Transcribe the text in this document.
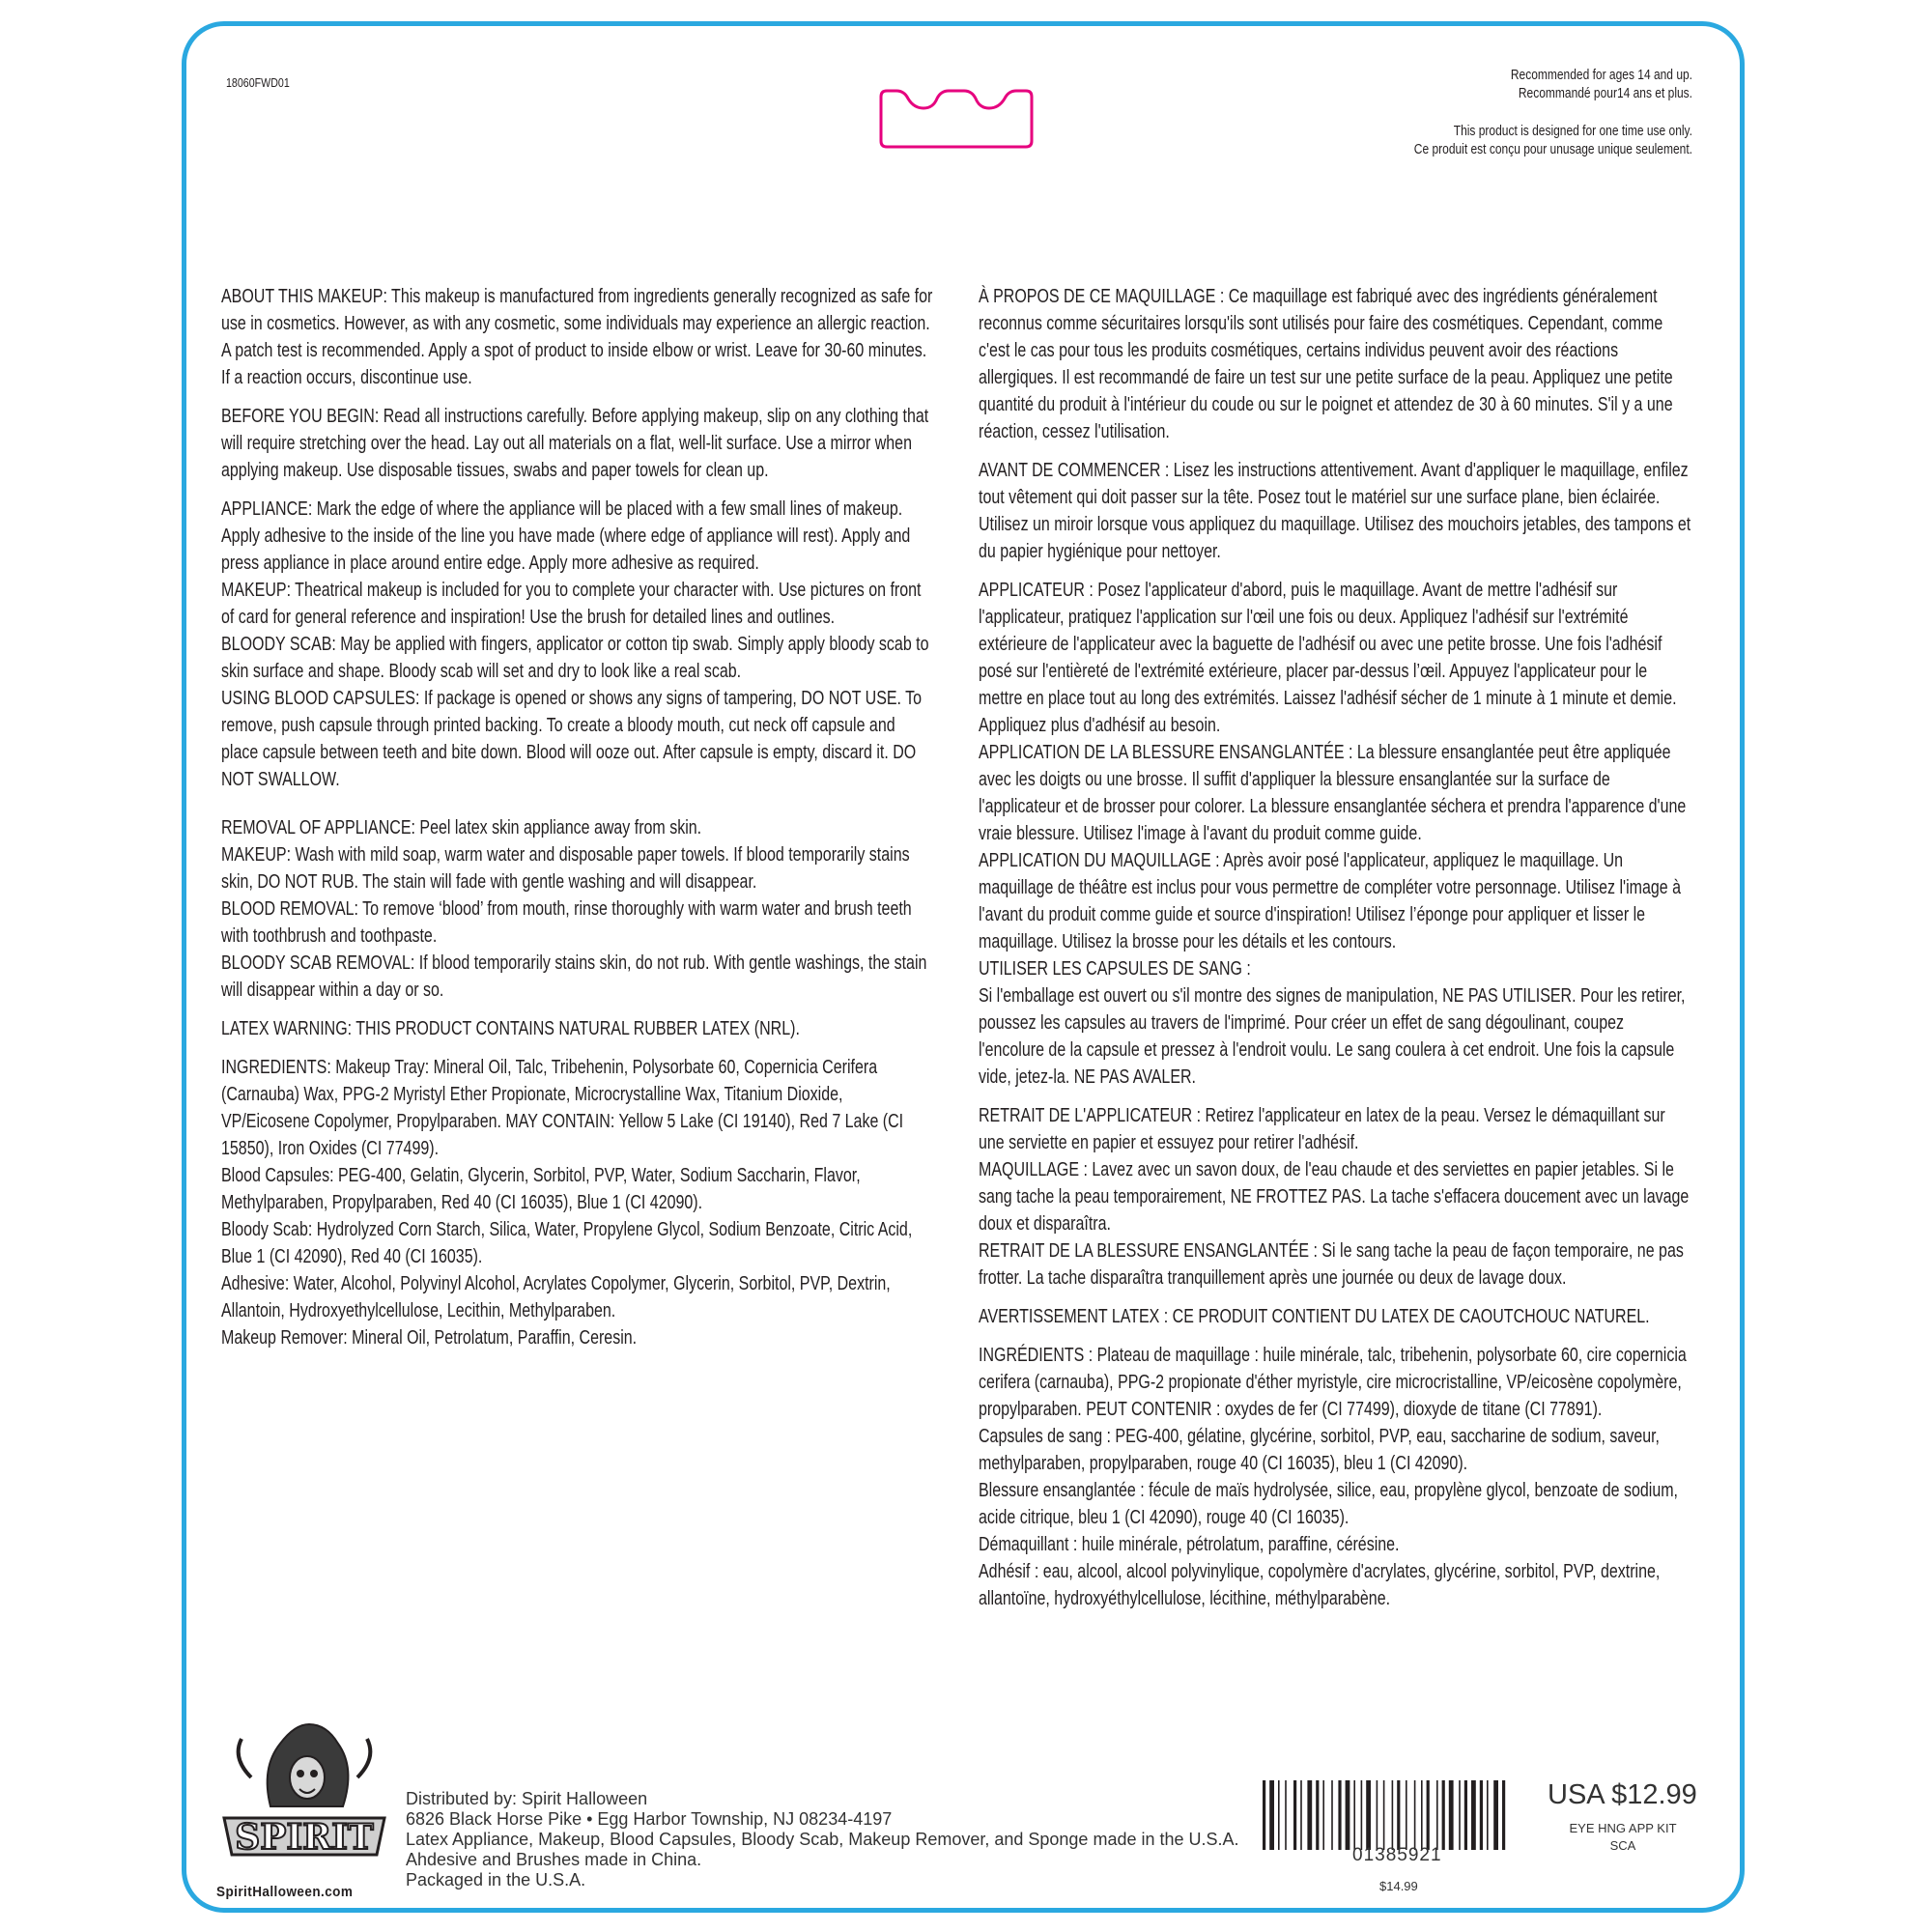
18060FWD01	Recommended for ages 14 and up.

Recommandé pour14 ans et plus.

This product is designed for one time use only.

Ce produit est conçu pour unusage unique seulement.

ABOUT THIS MAKEUP: This makeup is manufactured from ingredients generally recognized as safe for use in cosmetics. However, as with any cosmetic, some individuals may experience an allergic reaction. A patch test is recommended. Apply a spot of product to inside elbow or wrist. Leave for 30-60 minutes. If a reaction occurs, discontinue use.

BEFORE YOU BEGIN: Read all instructions carefully. Before applying makeup, slip on any clothing that will require stretching over the head. Lay out all materials on a flat, well-lit surface. Use a mirror when applying makeup. Use disposable tissues, swabs and paper towels for clean up.

APPLIANCE: Mark the edge of where the appliance will be placed with a few small lines of makeup. Apply adhesive to the inside of the line you have made (where edge of appliance will rest). Apply and press appliance in place around entire edge. Apply more adhesive as required.

MAKEUP: Theatrical makeup is included for you to complete your character with. Use pictures on front of card for general reference and inspiration! Use the brush for detailed lines and outlines.

BLOODY SCAB: May be applied with fingers, applicator or cotton tip swab. Simply apply bloody scab to skin surface and shape. Bloody scab will set and dry to look like a real scab.

USING BLOOD CAPSULES: If package is opened or shows any signs of tampering, DO NOT USE. To remove, push capsule through printed backing. To create a bloody mouth, cut neck off capsule and place capsule between teeth and bite down. Blood will ooze out. After capsule is empty, discard it. DO NOT SWALLOW.

REMOVAL OF APPLIANCE: Peel latex skin appliance away from skin.

MAKEUP: Wash with mild soap, warm water and disposable paper towels. If blood temporarily stains skin, DO NOT RUB. The stain will fade with gentle washing and will disappear.

BLOOD REMOVAL: To remove ‘blood’ from mouth, rinse thoroughly with warm water and brush teeth with toothbrush and toothpaste.

BLOODY SCAB REMOVAL: If blood temporarily stains skin, do not rub. With gentle washings, the stain will disappear within a day or so.

LATEX WARNING: THIS PRODUCT CONTAINS NATURAL RUBBER LATEX (NRL).

INGREDIENTS: Makeup Tray: Mineral Oil, Talc, Tribehenin, Polysorbate 60, Copernicia Cerifera (Carnauba) Wax, PPG-2 Myristyl Ether Propionate, Microcrystalline Wax, Titanium Dioxide, VP/Eicosene Copolymer, Propylparaben. MAY CONTAIN: Yellow 5 Lake (CI 19140), Red 7 Lake (CI 15850), Iron Oxides (CI 77499).

Blood Capsules: PEG-400, Gelatin, Glycerin, Sorbitol, PVP, Water, Sodium Saccharin, Flavor, Methylparaben, Propylparaben, Red 40 (CI 16035), Blue 1 (CI 42090).

Bloody Scab: Hydrolyzed Corn Starch, Silica, Water, Propylene Glycol, Sodium Benzoate, Citric Acid, Blue 1 (CI 42090), Red 40 (CI 16035).

Adhesive: Water, Alcohol, Polyvinyl Alcohol, Acrylates Copolymer, Glycerin, Sorbitol, PVP, Dextrin, Allantoin, Hydroxyethylcellulose, Lecithin, Methylparaben.

Makeup Remover: Mineral Oil, Petrolatum, Paraffin, Ceresin.

À PROPOS DE CE MAQUILLAGE : Ce maquillage est fabriqué avec des ingrédients généralement reconnus comme sécuritaires lorsqu'ils sont utilisés pour faire des cosmétiques. Cependant, comme c'est le cas pour tous les produits cosmétiques, certains individus peuvent avoir des réactions allergiques. Il est recommandé de faire un test sur une petite surface de la peau. Appliquez une petite quantité du produit à l'intérieur du coude ou sur le poignet et attendez de 30 à 60 minutes. S'il y a une réaction, cessez l'utilisation.

AVANT DE COMMENCER : Lisez les instructions attentivement. Avant d'appliquer le maquillage, enfilez tout vêtement qui doit passer sur la tête. Posez tout le matériel sur une surface plane, bien éclairée. Utilisez un miroir lorsque vous appliquez du maquillage. Utilisez des mouchoirs jetables, des tampons et du papier hygiénique pour nettoyer.

APPLICATEUR : Posez l'applicateur d'abord, puis le maquillage. Avant de mettre l'adhésif sur l'applicateur, pratiquez l'application sur l'œil une fois ou deux. Appliquez l'adhésif sur l'extrémité extérieure de l'applicateur avec la baguette de l'adhésif ou avec une petite brosse. Une fois l'adhésif posé sur l'entièreté de l'extrémité extérieure, placer par-dessus l’œil. Appuyez l'applicateur pour le mettre en place tout au long des extrémités. Laissez l'adhésif sécher de 1 minute à 1 minute et demie. Appliquez plus d'adhésif au besoin.

APPLICATION DE LA BLESSURE ENSANGLANTÉE : La blessure ensanglantée peut être appliquée avec les doigts ou une brosse. Il suffit d'appliquer la blessure ensanglantée sur la surface de l'applicateur et de brosser pour colorer. La blessure ensanglantée séchera et prendra l'apparence d'une vraie blessure. Utilisez l'image à l'avant du produit comme guide.

APPLICATION DU MAQUILLAGE : Après avoir posé l'applicateur, appliquez le maquillage. Un maquillage de théâtre est inclus pour vous permettre de compléter votre personnage. Utilisez l'image à l'avant du produit comme guide et source d'inspiration! Utilisez l’éponge pour appliquer et lisser le maquillage. Utilisez la brosse pour les détails et les contours.

UTILISER LES CAPSULES DE SANG :

Si l'emballage est ouvert ou s'il montre des signes de manipulation, NE PAS UTILISER. Pour les retirer, poussez les capsules au travers de l'imprimé. Pour créer un effet de sang dégoulinant, coupez l'encolure de la capsule et pressez à l'endroit voulu. Le sang coulera à cet endroit. Une fois la capsule vide, jetez-la. NE PAS AVALER.

RETRAIT DE L'APPLICATEUR : Retirez l'applicateur en latex de la peau. Versez le démaquillant sur une serviette en papier et essuyez pour retirer l'adhésif.

MAQUILLAGE : Lavez avec un savon doux, de l'eau chaude et des serviettes en papier jetables. Si le sang tache la peau temporairement, NE FROTTEZ PAS. La tache s'effacera doucement avec un lavage doux et disparaîtra.

RETRAIT DE LA BLESSURE ENSANGLANTÉE : Si le sang tache la peau de façon temporaire, ne pas frotter. La tache disparaîtra tranquillement après une journée ou deux de lavage doux.

AVERTISSEMENT LATEX : CE PRODUIT CONTIENT DU LATEX DE CAOUTCHOUC NATUREL.

INGRÉDIENTS : Plateau de maquillage : huile minérale, talc, tribehenin, polysorbate 60, cire copernicia cerifera (carnauba), PPG-2 propionate d'éther myristyle, cire microcristalline, VP/eicosène copolymère, propylparaben. PEUT CONTENIR : oxydes de fer (CI 77499), dioxyde de titane (CI 77891).

Capsules de sang : PEG-400, gélatine, glycérine, sorbitol, PVP, eau, saccharine de sodium, saveur, methylparaben, propylparaben, rouge 40 (CI 16035), bleu 1 (CI 42090).

Blessure ensanglantée : fécule de maïs hydrolysée, silice, eau, propylène glycol, benzoate de sodium, acide citrique, bleu 1 (CI 42090), rouge 40 (CI 16035).

Démaquillant : huile minérale, pétrolatum, paraffine, cérésine.

Adhésif : eau, alcool, alcool polyvinylique, copolymère d'acrylates, glycérine, sorbitol, PVP, dextrine, allantoïne, hydroxyéthylcellulose, lécithine, méthylparabène.

SPIRIT
SpiritHalloween.com

Distributed by: Spirit Halloween

6826 Black Horse Pike • Egg Harbor Township, NJ 08234-4197

Latex Appliance, Makeup, Blood Capsules, Bloody Scab, Makeup Remover, and Sponge made in the U.S.A.

Ahdesive and Brushes made in China.

Packaged in the U.S.A.

01385921
USA $12.99

EYE HNG APP KIT

SCA

$14.99
